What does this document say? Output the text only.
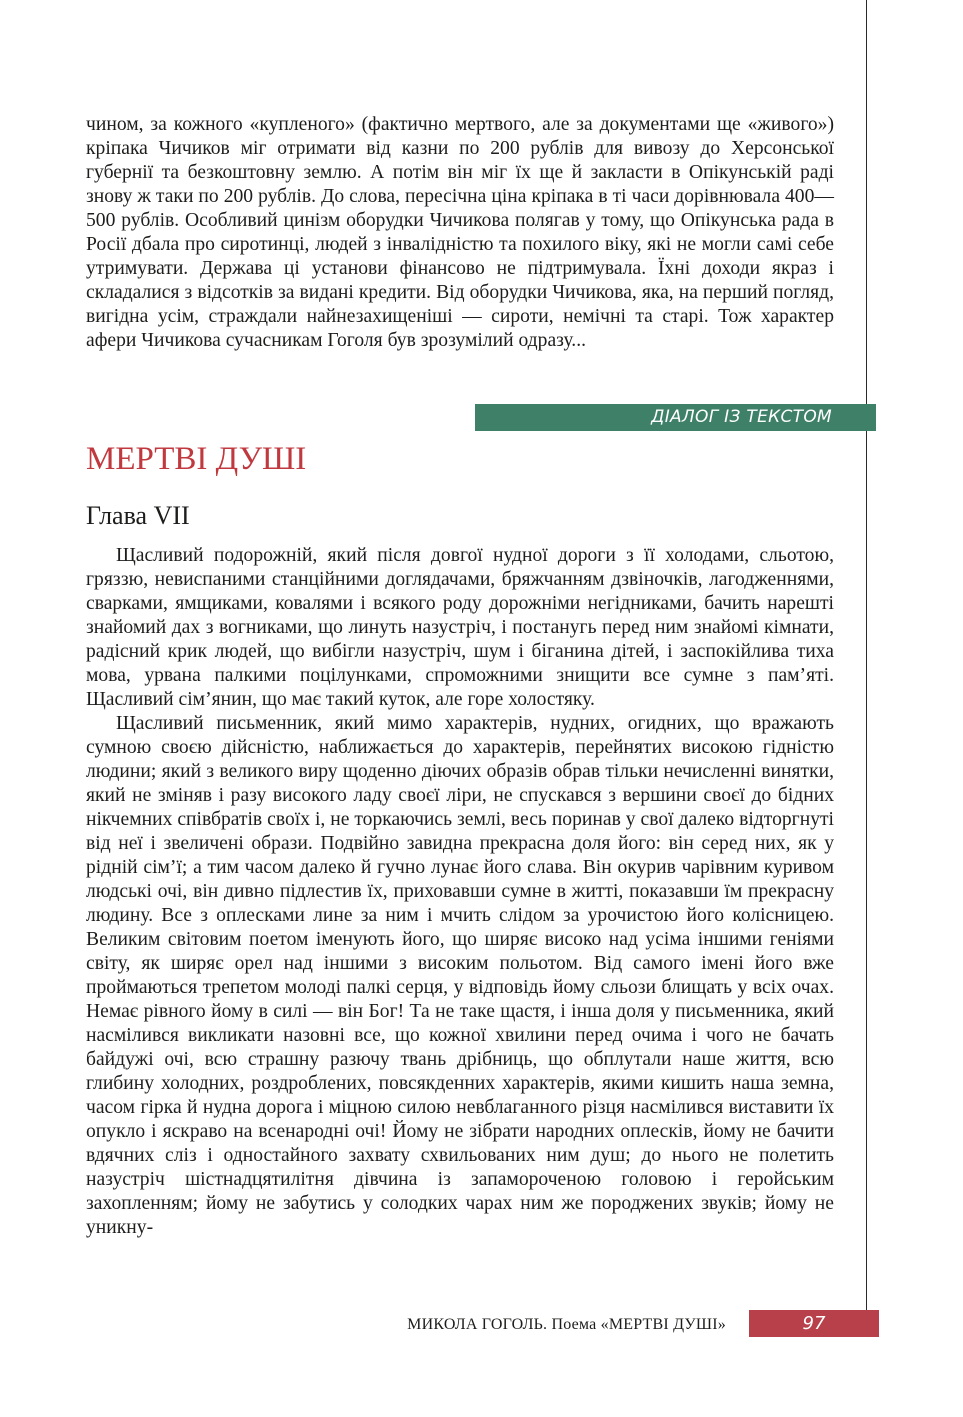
чином, за кожного «купленого» (фактично мертвого, але за документами ще «живого») кріпака Чичиков міг отримати від казни по 200 рублів для вивозу до Херсонської губернії та безкоштовну землю. А потім він міг їх ще й закласти в Опікунській раді знову ж таки по 200 рублів. До слова, пересічна ціна кріпака в ті часи дорівнювала 400—500 рублів. Особливий цинізм оборудки Чичикова полягав у тому, що Опікунська рада в Росії дбала про сиротинці, людей з інвалідністю та похилого віку, які не могли самі себе утримувати. Держава ці установи фінансово не підтримувала. Їхні доходи якраз і складалися з відсотків за видані кредити. Від оборудки Чичикова, яка, на перший погляд, вигідна усім, страждали найнезахищеніші — сироти, немічні та старі. Тож характер афери Чичикова сучасникам Гоголя був зрозумілий одразу...

ДІАЛОГ ІЗ ТЕКСТОМ
МЕРТВІ ДУШІ
Глава VII

Щасливий подорожній, який після довгої нудної дороги з її холодами, сльотою, гряззю, невиспаними станційними доглядачами, бряжчанням дзвіночків, лагодженнями, сварками, ямщиками, ковалями і всякого роду дорожніми негідниками, бачить нарешті знайомий дах з вогниками, що линуть назустріч, і постанугь перед ним знайомі кімнати, радісний крик людей, що вибігли назустріч, шум і біганина дітей, і заспокійлива тиха мова, урвана палкими поцілунками, спроможними знищити все сумне з пам’яті. Щасливий сім’янин, що має такий куток, але горе холостяку.

Щасливий письменник, який мимо характерів, нудних, огидних, що вражають сумною своєю дійсністю, наближається до характерів, перейнятих високою гідністю людини; який з великого виру щоденно діючих образів обрав тільки нечисленні винятки, який не зміняв і разу високого ладу своєї ліри, не спускався з вершини своєї до бідних нікчемних співбратів своїх і, не торкаючись землі, весь поринав у свої далеко відторгнуті від неї і звеличені образи. Подвійно завидна прекрасна доля його: він серед них, як у рідній сім’ї; а тим часом далеко й гучно лунає його слава. Він окурив чарівним куривом людські очі, він дивно підлестив їх, приховавши сумне в житті, показавши їм прекрасну людину. Все з оплесками лине за ним і мчить слідом за урочистою його колісницею. Великим світовим поетом іменують його, що ширяє високо над усіма іншими геніями світу, як ширяє орел над іншими з високим польотом. Від самого імені його вже проймаються трепетом молоді палкі серця, у відповідь йому сльози блищать у всіх очах. Немає рівного йому в силі — він Бог! Та не таке щастя, і інша доля у письменника, який насмілився викликати назовні все, що кожної хвилини перед очима і чого не бачать байдужі очі, всю страшну разючу твань дрібниць, що обплутали наше життя, всю глибину холодних, роздроблених, повсякденних характерів, якими кишить наша земна, часом гірка й нудна дорога і міцною силою невблаганного різця насмілився виставити їх опукло і яскраво на всенародні очі! Йому не зібрати народних оплесків, йому не бачити вдячних сліз і одностайного захвату схвильованих ним душ; до нього не полетить назустріч шістнадцятилітня дівчина із запамороченою головою і геройським захопленням; йому не забутись у солодких чарах ним же породжених звуків; йому не уникну-

МИКОЛА ГОГОЛЬ. Поема «МЕРТВІ ДУШІ»	97
